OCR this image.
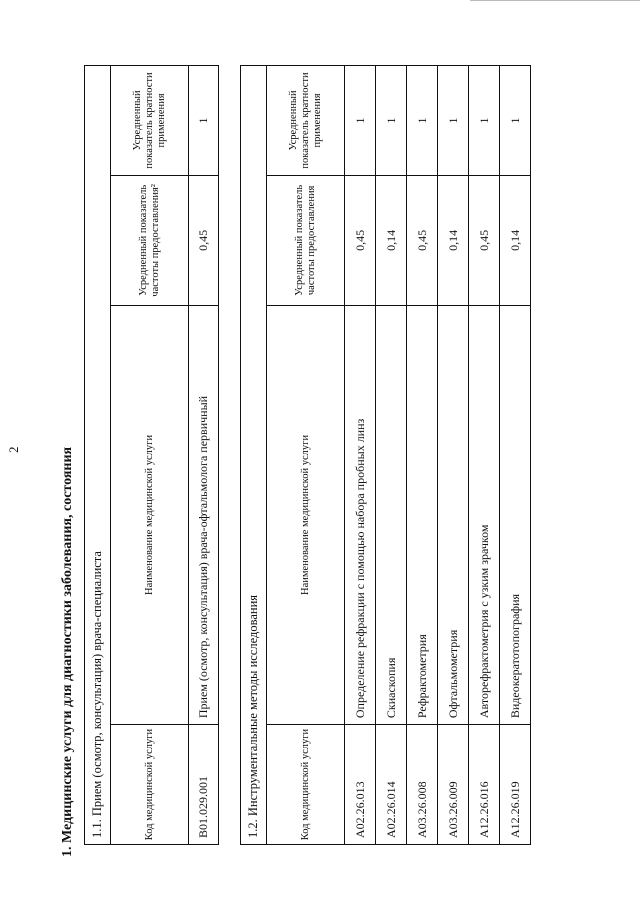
2	1. Медицинские услуги для диагностики заболевания, состояния 1.1. Прием (осмотр, консультация) врача-специалиста			
Код медицинской услуги	Наименование медицинской услуги	Усредненный показатель частоты предоставления²	Усредненный показатель кратности применения
B01.029.001	Прием (осмотр, консультация) врача-офтальмолога первичный	0,45	1
1.2. Инструментальные методы исследования			
Код медицинской услуги	Наименование медицинской услуги	Усредненный показатель частоты предоставления	Усредненный показатель кратности применения
A02.26.013	Определение рефракции с помощью набора пробных линз	0,45	1
A02.26.014	Скиаскопия	0,14	1
A03.26.008	Рефрактометрия	0,45	1
A03.26.009	Офтальмометрия	0,14	1
A12.26.016	Авторефрактометрия с узким зрачком	0,45	1
A12.26.019	Видеокератотопография	0,14	1
